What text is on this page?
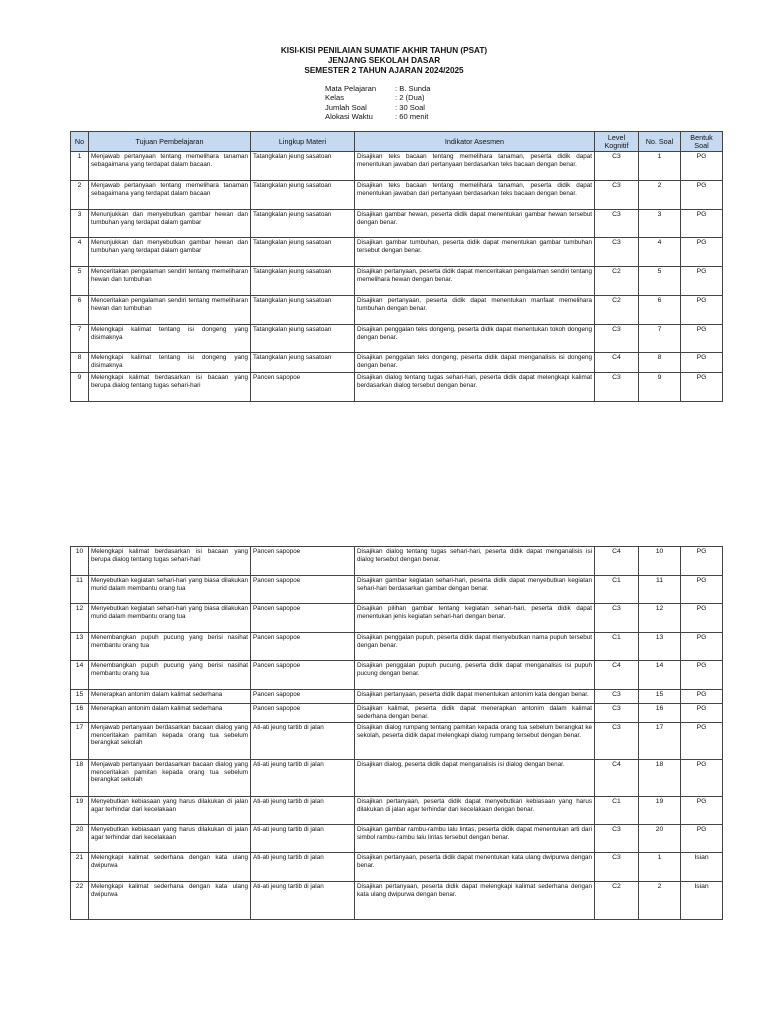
KISI-KISI PENILAIAN SUMATIF AKHIR TAHUN (PSAT)
JENJANG SEKOLAH DASAR
SEMESTER 2 TAHUN AJARAN 2024/2025
Mata Pelajaran : B. Sunda
Kelas	: 2 (Dua)
Jumlah Soal	: 30 Soal
Alokasi Waktu	: 60 menit
No	Tujuan Pembelajaran	Lingkup Materi	Indikator Asesmen	Level Kognitif	No. Soal	Bentuk Soal
1	Menjawab pertanyaan tentang memelihara tanaman sebagaimana yang terdapat dalam bacaan.	Tatangkalan jeung sasatoan	Disajikan teks bacaan tentang memelihara tanaman, peserta didik dapat menentukan jawaban dari pertanyaan berdasarkan teks bacaan dengan benar.	C3	1	PG
2	Menjawab pertanyaan tentang memelihara tanaman sebagaimana yang terdapat dalam bacaan	Tatangkalan jeung sasatoan	Disajikan teks bacaan tentang memelihara tanaman, peserta didik dapat menentukan jawaban dari pertanyaan berdasarkan teks bacaan dengan benar.	C3	2	PG
3	Menunjukkan dan menyebutkan gambar hewan dan tumbuhan yang terdapat dalam gambar	Tatangkalan jeung sasatoan	Disajikan gambar hewan, peserta didik dapat menentukan gambar hewan tersebut dengan benar.	C3	3	PG
4	Menunjukkan dan menyebutkan gambar hewan dan tumbuhan yang terdapat dalam gambar	Tatangkalan jeung sasatoan	Disajikan gambar tumbuhan, peserta didik dapat menentukan gambar tumbuhan tersebut dengan benar.	C3	4	PG
5	Menceritakan pengalaman sendiri tentang memeliharan hewan dan tumbuhan	Tatangkalan jeung sasatoan	Disajikan pertanyaan, peserta didik dapat menceritakan pengalaman sendiri tentang memelihara hewan dengan benar.	C2	5	PG
6	Menceritakan pengalaman sendiri tentang memeliharan hewan dan tumbuhan	Tatangkalan jeung sasatoan	Disajikan pertanyaan, peserta didik dapat menentukan manfaat memelihara tumbuhan dengan benar.	C2	6	PG
7	Melengkapi kalimat tentang isi dongeng yang disimaknya	Tatangkalan jeung sasatoan	Disajikan penggalan teks dongeng, peserta didik dapat menentukan tokoh dongeng dengan benar.	C3	7	PG
8	Melengkapi kalimat tentang isi dongeng yang disimaknya	Tatangkalan jeung sasatoan	Disajikan penggalan teks dongeng, peserta didik dapat menganalisis isi dongeng dengan benar.	C4	8	PG
9	Melengkapi kalimat berdasarkan isi bacaan yang berupa dialog tentang tugas sehari-hari	Pancen sapopoe	Disajikan dialog tentang tugas sehari-hari, peserta didik dapat melengkapi kalimat berdasarkan dialog tersebut dengan benar.	C3	9	PG
10	Melengkapi kalimat berdasarkan isi bacaan yang berupa dialog tentang tugas sehari-hari	Pancen sapopoe	Disajikan dialog tentang tugas sehari-hari, peserta didik dapat menganalisis isi dialog tersebut dengan benar.	C4	10	PG
11	Menyebutkan kegiatan sehari-hari yang biasa dilakukan murid dalam membantu orang tua	Pancen sapopoe	Disajikan gambar kegiatan sehari-hari, peserta didik dapat menyebutkan kegiatan sehari-hari berdasarkan gambar dengan benar.	C1	11	PG
12	Menyebutkan kegiatan sehari-hari yang biasa dilakukan murid dalam membantu orang tua	Pancen sapopoe	Disajikan pilihan gambar tentang kegiatan sehari-hari, peserta didik dapat menentukan jenis kegiatan sehari-hari dengan benar.	C3	12	PG
13	Menembangkan pupuh pucung yang berisi nasihat membantu orang tua	Pancen sapopoe	Disajikan penggalan pupuh, peserta didik dapat menyebutkan nama pupuh tersebut dengan benar.	C1	13	PG
14	Menembangkan pupuh pucung yang berisi nasihat membantu orang tua	Pancen sapopoe	Disajikan penggalan pupuh pucung, peserta didik dapat menganalisis isi pupuh pucung dengan benar.	C4	14	PG
15	Menerapkan antonim dalam kalimat sederhana	Pancen sapopoe	Disajikan pertanyaan, peserta didik dapat menentukan antonim kata dengan benar.	C3	15	PG
16	Menerapkan antonim dalam kalimat sederhana	Pancen sapopoe	Disajikan kalimat, peserta didik dapat menerapkan antonim dalam kalimat sederhana dengan benar.	C3	16	PG
17	Menjawab pertanyaan berdasarkan bacaan dialog yang menceritakan pamitan kepada orang tua sebelum berangkat sekolah	Ati-ati jeung tartib di jalan	Disajikan dialog rumpang tentang pamitan kepada orang tua sebelum berangkat ke sekolah, peserta didik dapat melengkapi dialog rumpang tersebut dengan benar.	C3	17	PG
18	Menjawab pertanyaan berdasarkan bacaan dialog yang menceritakan pamitan kepada orang tua sebelum berangkat sekolah	Ati-ati jeung tartib di jalan	Disajikan dialog, peserta didik dapat menganalisis isi dialog dengan benar.	C4	18	PG
19	Menyebutkan kebiasaan yang harus dilakukan di jalan agar terhindar dari kecelakaan	Ati-ati jeung tartib di jalan	Disajikan pertanyaan, peserta didik dapat menyebutkan kebiasaan yang harus dilakukan di jalan agar terhindar dari kecelakaan dengan benar.	C1	19	PG
20	Menyebutkan kebiasaan yang harus dilakukan di jalan agar terhindar dari kecelakaan	Ati-ati jeung tartib di jalan	Disajikan gambar rambu-rambu lalu lintas, peserta didik dapat menentukan arti dari simbol rambu-rambu lalu lintas tersebut dengan benar.	C3	20	PG
21	Melengkapi kalimat sederhana dengan kata ulang dwipurwa	Ati-ati jeung tartib di jalan	Disajikan pertanyaan, peserta didik dapat menentukan kata ulang dwipurwa dengan benar.	C3	1	Isian
22	Melengkapi kalimat sederhana dengan kata ulang dwipurwa	Ati-ati jeung tartib di jalan	Disajikan pertanyaan, peserta didik dapat melengkapi kalimat sederhana dengan kata ulang dwipurwa dengan benar.	C2	2	Isian
